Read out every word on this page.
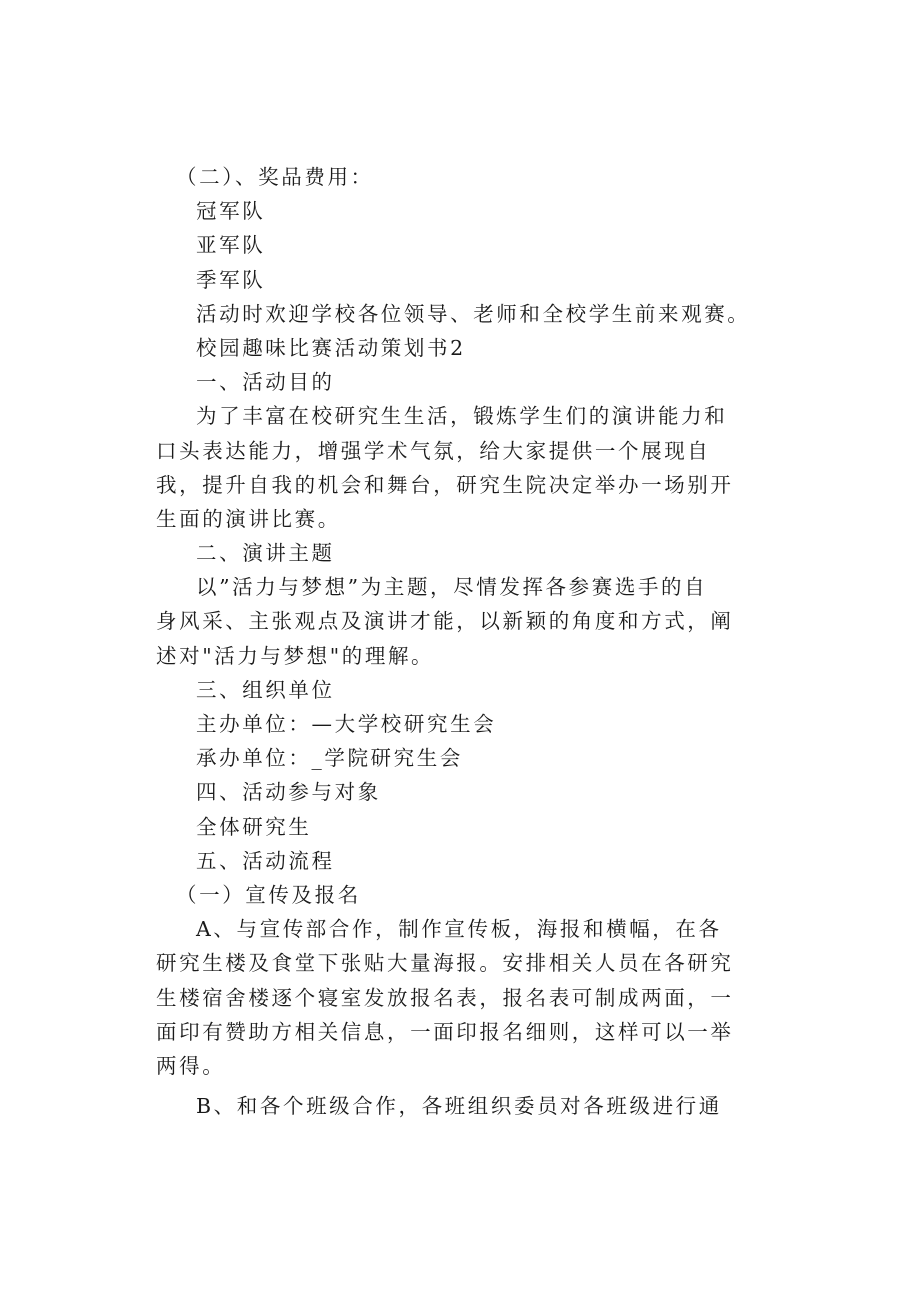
（二）、奖品费用：
冠军队
亚军队
季军队
活动时欢迎学校各位领导、老师和全校学生前来观赛。
校园趣味比赛活动策划书2
一、活动目的
为了丰富在校研究生生活，锻炼学生们的演讲能力和
口头表达能力，增强学术气氛，给大家提供一个展现自
我，提升自我的机会和舞台，研究生院决定举办一场别开
生面的演讲比赛。
二、演讲主题
以”活力与梦想”为主题，尽情发挥各参赛选手的自
身风采、主张观点及演讲才能，以新颖的角度和方式，阐
述对"活力与梦想"的理解。
三、组织单位
主办单位：—大学校研究生会
承办单位：_学院研究生会
四、活动参与对象
全体研究生
五、活动流程
（一）宣传及报名
A、与宣传部合作，制作宣传板，海报和横幅，在各
研究生楼及食堂下张贴大量海报。安排相关人员在各研究
生楼宿舍楼逐个寝室发放报名表，报名表可制成两面，一
面印有赞助方相关信息，一面印报名细则，这样可以一举
两得。
B、和各个班级合作，各班组织委员对各班级进行通
